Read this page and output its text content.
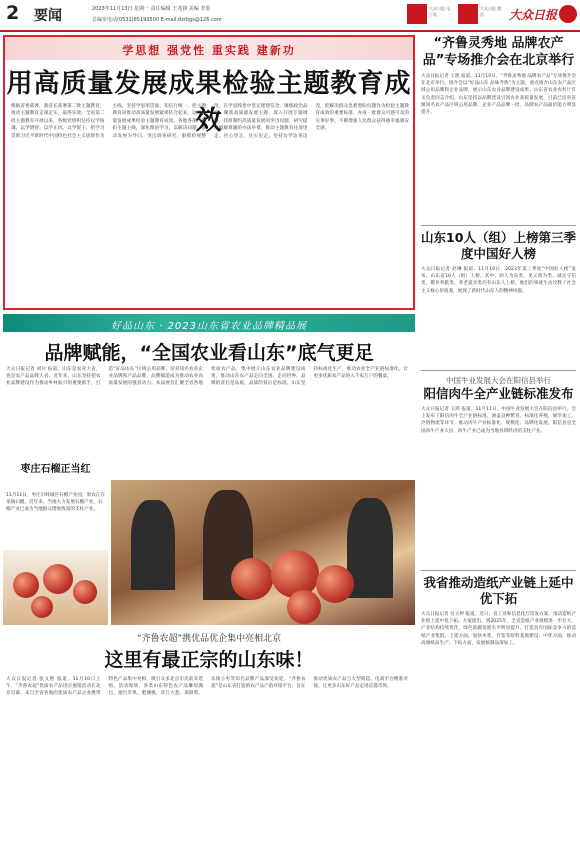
2 要闻	2023年11月13日 星期一 责任编辑 王兆锋 美编 李震
总编室电话(0531)85193500 E-mail:dzrbgs@126.com
大众日报 电子版
大众日报 微信	大众日报
学思想 强党性 重实践 建新功
用高质量发展成果检验主题教育成效
根据省委部署，鼎省长部署第二批主题教育，推动主题教育走深走实，取得实效。全省第二批主题教育开展以来，各级党组织坚持以学铸魂、以学增智、以学正风、以学促干，把学习贯彻习近平新时代中国特色社会主义思想作为主线，坚持学思用贯通、知信行统一，把主题教育同推动高质量发展紧密结合起来，以高质量发展成果检验主题教育成效。各地各部门紧扣主题主线，深化理论学习，以解决问题、推动发展为导向，突出调查研究，狠抓检视整改，在学思践悟中坚定理想信念、锤炼政治品格。聚焦高质量发展主题，深入开展专题调研，找准制约高质量发展的突出问题，研究提出破解难题的办法举措，推动主题教育往深里走、往心里走、往实里走。坚持边学边查边改，把解决群众急难愁盼问题作为检验主题教育成效的重要标准，办成一批群众可感可及的实事好事，不断增强人民群众获得感幸福感安全感。
“齐鲁灵秀地 品牌农产品”专场推介会在北京举行
大众日报记者 王建 报道。11月10日，“齐鲁灵秀地 品牌农产品”专场推介会在北京举行。推介会以“好品山东 品味齐鲁”为主题，重点推介山东农产品区域公用品牌和企业品牌，展示山东农业品牌建设成果。山东省农业农村厅有关负责同志介绍，山东坚持以品牌建设引领农业高质量发展，目前已培育省级知名农产品区域公用品牌、企业产品品牌一批，品牌农产品溢价能力明显提升。
山东10人（组）上榜第三季度中国好人榜
大众日报记者 赵琳 报道。11月10日，2023年第三季度“中国好人榜”发布，山东省10人（组）上榜。其中，助人为乐类、见义勇为类、诚实守信类、敬业奉献类、孝老爱亲类均有山东人上榜。他们的事迹生动诠释了社会主义核心价值观，展现了新时代山东人的精神风貌。
中国牛业发展大会在阳信县举行
阳信肉牛全产业链标准发布
大众日报记者 王鸿 报道。11月11日，中国牛业发展大会在阳信县举行。会上发布了阳信肉牛全产业链标准，涵盖良种繁育、标准化养殖、屠宰加工、冷链物流等环节，推动肉牛产业标准化、规模化、品牌化发展。阳信县是全国肉牛产业大县，肉牛产业已成为当地县域经济的支柱产业。
我省推动造纸产业链上延中优下拓
大众日报记者 付玉婷 报道。近日，省工业和信息化厅印发方案，推动造纸产业链上延中优下拓。方案提出，到2025年，全省造纸产业规模进一步壮大，产业结构持续优化，绿色低碳发展水平明显提升，打造具有国际竞争力的造纸产业集群。上延方面，加快木浆、竹浆等原料基地建设；中优方面，推动高端纸品生产；下拓方面，发展纸制品深加工。
好品山东 · 2023山东省农业品牌精品展
品牌赋能，“全国农业看山东”底气更足
大众日报记者 刘兵 报道。山东是农业大省，也是农产品品牌大省。近年来，山东坚持把农业品牌建设作为推动乡村振兴的重要抓手，打造“好品山东”区域公用品牌，培育知名农业企业品牌和产品品牌，品牌赋能成为推动农业高质量发展的强劲动力。本届展会汇聚全省各地优质农产品，集中展示山东农业品牌建设成果，推动山东农产品走向全国、走向世界。品牌的背后是品质，品质的背后是标准。山东坚持标准化生产，推动农业全产业链标准化，让更多优质农产品进入千家万户的餐桌。
枣庄石榴正当红
11月11日，枣庄市峄城区石榴产业园，果农正在采摘石榴。近年来，当地大力发展石榴产业，石榴产业已成为当地群众增收致富的支柱产业。
“齐鲁农超”携优品优企集中亮相北京
这里有最正宗的山东味！
大众日报记者 张文艳 报道。11月10日上午，“齐鲁农超”优质农产品进京展销活动在北京启幕，来自全省各地的优质农产品企业携带特色产品集中亮相，吸引众多北京市民前来选购。活动现场，各类山东特色农产品琳琅满目，烟台苹果、肥城桃、章丘大葱、莱阳梨、乐陵小枣等知名品牌产品深受欢迎。“齐鲁农超”是山东省打造的农产品产销对接平台，旨在推动优质农产品与大型商超、电商平台精准对接，让更多山东好产品走进首都市场。
